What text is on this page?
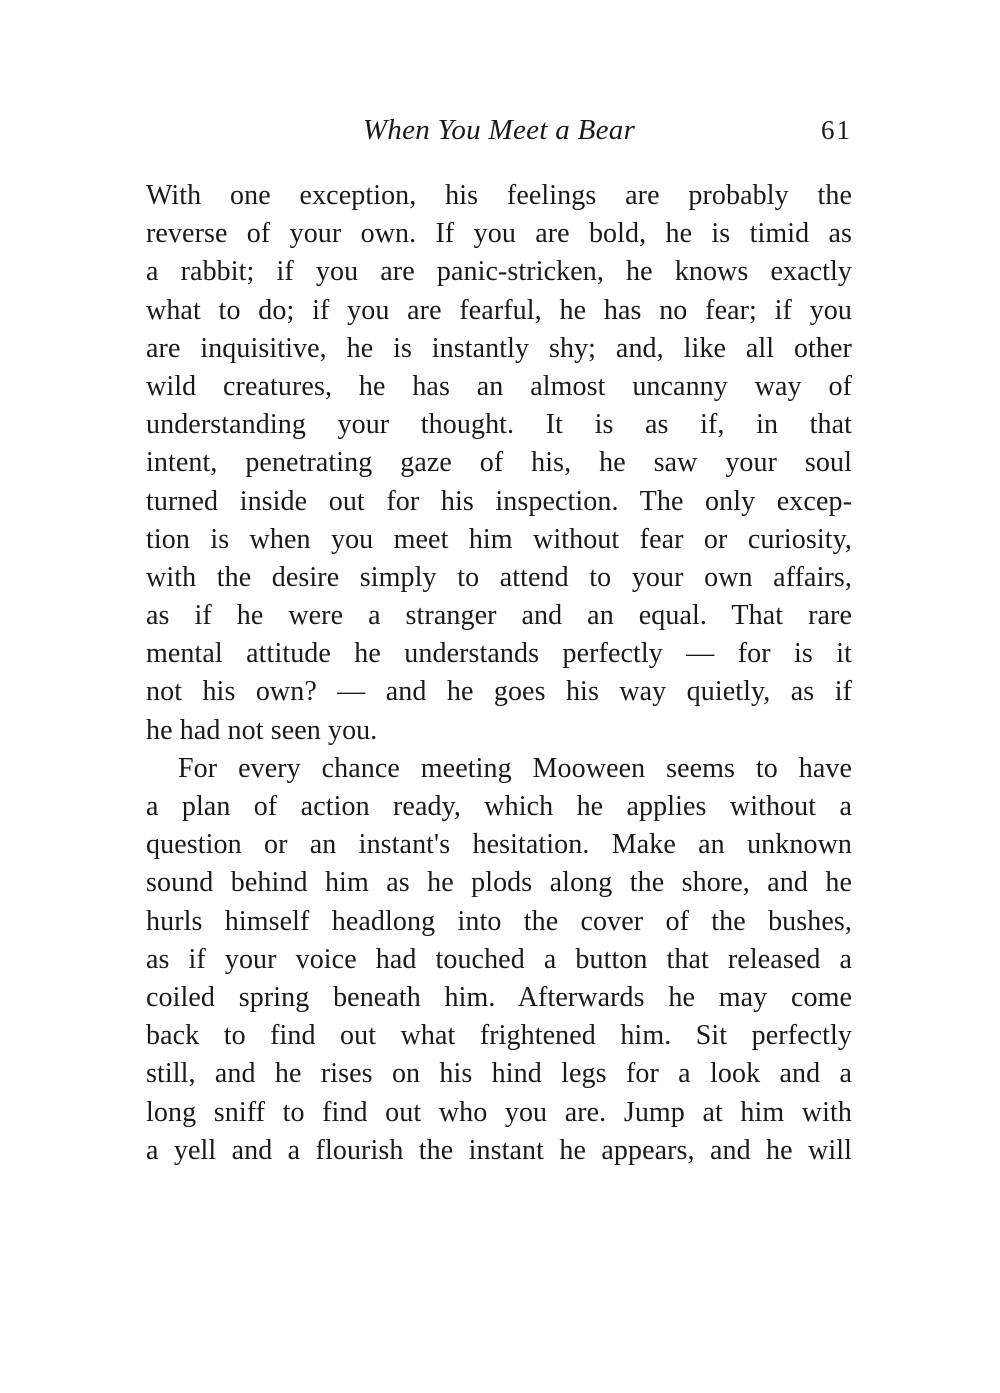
When You Meet a Bear	61
With one exception, his feelings are probably the
reverse of your own. If you are bold, he is timid as
a rabbit; if you are panic-stricken, he knows exactly
what to do; if you are fearful, he has no fear; if you
are inquisitive, he is instantly shy; and, like all other
wild creatures, he has an almost uncanny way of
understanding your thought. It is as if, in that
intent, penetrating gaze of his, he saw your soul
turned inside out for his inspection. The only excep-
tion is when you meet him without fear or curiosity,
with the desire simply to attend to your own affairs,
as if he were a stranger and an equal. That rare
mental attitude he understands perfectly — for is it
not his own? — and he goes his way quietly, as if
he had not seen you.
For every chance meeting Mooween seems to have
a plan of action ready, which he applies without a
question or an instant's hesitation. Make an unknown
sound behind him as he plods along the shore, and he
hurls himself headlong into the cover of the bushes,
as if your voice had touched a button that released a
coiled spring beneath him. Afterwards he may come
back to find out what frightened him. Sit perfectly
still, and he rises on his hind legs for a look and a
long sniff to find out who you are. Jump at him with
a yell and a flourish the instant he appears, and he will
